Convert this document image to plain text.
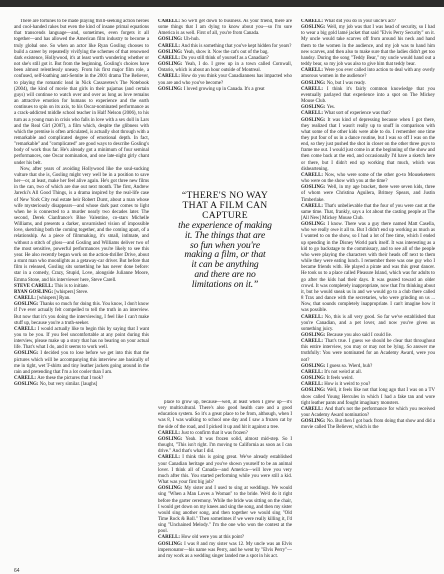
There are fortunes to be made playing thrill-seeking action heroes and cool-handed rakes but even the kind of insane primal equations that transcends language—and, sometimes, even forgets it all together—and has allowed the American film industry to become a truly global one. So when an actor like Ryan Gosling chooses to build a career by repeatedly vivifying the schemes of that renowned dark existence, Hollywood, it's at least worth wondering whether or not she's still got it. But from the beginning, Gosling's choices have been almost relentlessly uneasy. From his first major film role, a confused, self-loathing anti-Semite in the 2001 drama The Believer, to playing the romantic lead in Nick Cassavetes's The Notebook (2004), the kind of movie that girls in their pajamas (and certain guys) will continue to watch over and over as long as love remains an attractive emotion for humans to experience and the earth continues to spin on its axis, to his Oscar-nominated performance as a crack-addicted middle school teacher in Half Nelson (2006), to his turn as a young man in crisis who falls in love with a sex doll in Lars and the Real Girl (2007), a film which, despite the glibness with which the premise is often articulated, is actually shot through with a remarkable and complicated degree of emotional depth. In fact, "remarkable" and "complicated" are good ways to describe Gosling's body of work thus far. He's already got a minimum of four seminal performances, one Oscar nomination, and one late-night girly chant under his belt.

Now, after years of avoiding Hollywood like the soul-sucking vulture that she is, Gosling might very well be in a position to save her—or, at least, make her feel alive again. He's got three new films in the can, two of which are due out next month. The first, Andrew Jarecki's All Good Things, is a drama inspired by the real-life case of New York City real estate heir Robert Durst, about a man whose wife mysteriously disappears—and whose dark past comes to light when he is connected to a murder nearly two decades later. The second, Derek Cianfrance's Blue Valentine, co-stars Michelle Williams, and presents a darker, unvarnished vision of impossible love, sketching both the coming together, and the coming apart, of a relationship. As a piece of filmmaking, it's small, intimate, and without a stitch of gloss—and Gosling and Williams deliver two of the most sensitive, powerful performances you're likely to see this year. He also recently began work on the action-thriller Drive, about a stunt man who moonlights as a getaway-car driver. But before that film is released, Gosling sits something he has never done before: star in a comedy, Crazy, Stupid, Love, alongside Julianne Moore, Emma Stone, and his interviewer here, Steve Carell.

STEVE CARELL: This is to initiate.

RYAN GOSLING: [whispers] Steve.

CARELL: [whispers] Ryan.

GOSLING: Thanks so much for doing this. You know, I don't know if I've ever actually felt compelled to tell the truth in an interview. But now that it's you doing the interviewing, I feel like I can't make stuff up, because you're a truth-seeker.

CARELL: I would actually like to begin this by saying that I want you to be you. If you feel uncomfortable at any point during this interview, please make up a story that has no bearing on your actual life. That's what I do, and it seems to work well.

GOSLING: I decided you to lose before we get into this that the pictures which will be accompanying this interview are basically of me in tight, wet T-shirts and tiny leather jackets going around in the rain and pretending that I'm a lot cooler than I am.

CARELL: Are these the pictures that I took?

GOSLING: No, but very similar. [laughs]

CARELL: So we'll get down to business. As your friend, there are some things that I am dying to know about you—so I'm sure America is as well. First of all, you're from Canada.

GOSLING: Uh-huh.

CARELL: And this is something that you've kept hidden for years?

GOSLING: Yeah, show it. Now the cat's out of the bag.

CARELL: Do you still think of yourself as a Canadian?

GOSLING: Yeah, I do. I grew up in a town called Cornwall, Ontario, which is about an hour outside of Montreal.

CARELL: How do you think your Canadianness has impacted who you are and who you've become?

GOSLING: I loved growing up in Canada. It's a great

“THERE'S NO WAY
THAT A FILM CAN CAPTURE
the experience of making
it. The things that are
so fun when you're
making a film, or that
it can be anything
and there are no
limitations on it.”

place to grow up, because—well, at least when I grew up—it's very multicultural. There's also good health care and a good education system. So it's a great place to be from, although, when I was 8, I was walking to school one day and I saw a frozen cat by the side of the road, and I picked it up and hit it against a tree.

CARELL: Just to confirm that it was frozen?

GOSLING: Yeah. It was frozen solid, almost mid-step. So I thought, "This isn't right. I'm moving to California as soon as I can drive." And that's what I did.

CARELL: I think this is going great. We've already established your Canadian heritage and you've shown yourself to be an animal lover. I think all of Canada—and America—will love you very much after this. You started performing while you were still a kid. What was your first big job?

GOSLING: My sister and I used to sing at weddings. We would sing "When a Man Loves a Woman" to the bride. We'd do it right before the garter ceremony. While the bride was sitting on the chair, I would get down on my knees and sing the song, and then my sister would sing another song, and then together we would sing "Old Time Rock & Roll." Then sometimes if we were really killing it, I'd sing "Unchained Melody." I'm the one who won the contest at the pool.

CARELL: How old were you at this point?

GOSLING: I was 8 and my sister was 12. My uncle was an Elvis impersonator—his name was Perry, and he went by "Elvis Perry"—and my work as a wedding singer landed me a spot in his act.

CARELL: What did you do in your uncle's act?

GOSLING: Well, my job was that I was head of security, so I had to wear a big gold lamé jacket that said "Elvis Perry Security" on it. My uncle would take scarves off from around his neck and hand them to the women in the audience, and my job was to hand him new scarves, and then also to make sure that the ladies didn't get too handsy. During the song "Teddy Bear," my uncle would hand out a teddy bear, so my job was also to give him that teddy bear.

CARELL: Were you ever called into action to deal with any overly amorous women in the audience?

GOSLING: No, but I was ready.

CARELL: I think it's fairly common knowledge that you eventually parlayed that experience into a spot on The Mickey Mouse Club.

GOSLING: Yes.

CARELL: What sort of experience was that?

GOSLING: It was kind of depressing because when I got there, they realized that I wasn't really up to snuff in comparison with what some of the other kids were able to do. I remember one time they put four of us in a dance routine, but I was so off I was on the end, so they just pushed the shot in closer on the other three guys to frame me out. I would just come in at the beginning of the show and then come back at the end, and occasionally I'd have a sketch here or there, but I didn't end up working that much, which was disheartening.

CARELL: Now, who were some of the other go-to Mouseketeers who were on the show with you at the time?

GOSLING: Well, in my age bracket, there were seven kids, three of whom were Christina Aguilera, Britney Spears, and Justin Timberlake.

CARELL: That's unbelievable that the four of you were cast at the same time. That, frankly, says a lot about the casting people at The [All New] Mickey Mouse Club.

GOSLING: I know. There was a guy there named Matt Casella, who we really owe it all to. But I didn't end up working as much as I wanted to on the show, so I had a lot of free time, which I ended up spending in the Disney World park itself. It was interesting as a kid to go backstage to the commissary, and to see all of the people who were playing the characters with their heads off next to them while they were eating lunch. I remember there was one guy who I became friends with. He played a pirate and was this great dancer. He took us to a place called Pleasure Island, which was for adults to go after the kids had their days. It was geared toward an older crowd. It was completely inappropriate, now that I'm thinking about it, but he would sneak us in and we would go to a club there called 8 Trax and dance with the secretaries, who were grinding on us ... Now, that sounds completely inappropriate. I can't imagine how it was possible.

CARELL: No, this is all very good. So far we've established that you're Canadian, and a pet lover, and now you've given us something juicy.

GOSLING: Because you also said I could lie.

CARELL: That's true. I guess we should be clear that throughout this entire interview, you may or may not be lying. So answer me truthfully: You were nominated for an Academy Award, were you not?

GOSLING: I guess so. Wierd, huh?

CARELL: It's not weird at all.

GOSLING: It feels weird.

CARELL: How is it weird to you?

GOSLING: Well, it feels like not that long ago that I was on a TV show called Young Hercules in which I had a fake tan and wore tight leather pants and fought imaginary monsters.

CARELL: And that's not the performance for which you received your Academy Award nomination?

GOSLING: No. But then I got back from doing that show and did a movie called The Believer, which is the

64
